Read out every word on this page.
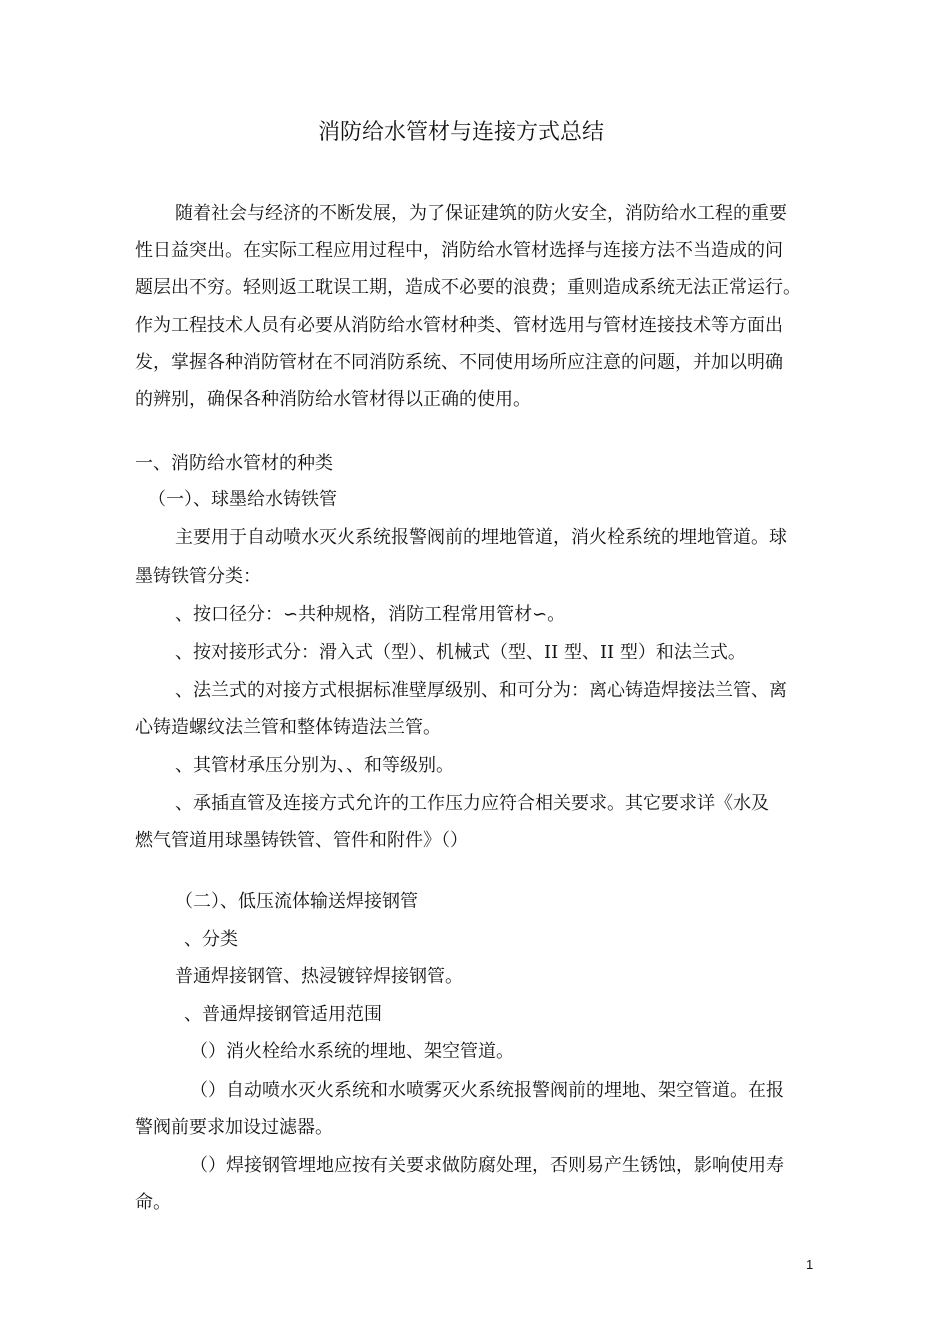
消防给水管材与连接方式总结
随着社会与经济的不断发展，为了保证建筑的防火安全，消防给水工程的重要
性日益突出。在实际工程应用过程中，消防给水管材选择与连接方法不当造成的问
题层出不穷。轻则返工耽误工期，造成不必要的浪费；重则造成系统无法正常运行。
作为工程技术人员有必要从消防给水管材种类、管材选用与管材连接技术等方面出
发，掌握各种消防管材在不同消防系统、不同使用场所应注意的问题，并加以明确
的辨别，确保各种消防给水管材得以正确的使用。
一、消防给水管材的种类
（一）、球墨给水铸铁管
主要用于自动喷水灭火系统报警阀前的埋地管道，消火栓系统的埋地管道。球
墨铸铁管分类：
、按口径分：∽共种规格，消防工程常用管材∽。
、按对接形式分：滑入式（型）、机械式（型、II 型、II 型）和法兰式。
、法兰式的对接方式根据标准壁厚级别、和可分为：离心铸造焊接法兰管、离
心铸造螺纹法兰管和整体铸造法兰管。
、其管材承压分别为、、和等级别。
、承插直管及连接方式允许的工作压力应符合相关要求。其它要求详《水及
燃气管道用球墨铸铁管、管件和附件》（）
（二）、低压流体输送焊接钢管
、分类
普通焊接钢管、热浸镀锌焊接钢管。
、普通焊接钢管适用范围
（）消火栓给水系统的埋地、架空管道。
（）自动喷水灭火系统和水喷雾灭火系统报警阀前的埋地、架空管道。在报
警阀前要求加设过滤器。
（）焊接钢管埋地应按有关要求做防腐处理，否则易产生锈蚀，影响使用寿
命。
1
